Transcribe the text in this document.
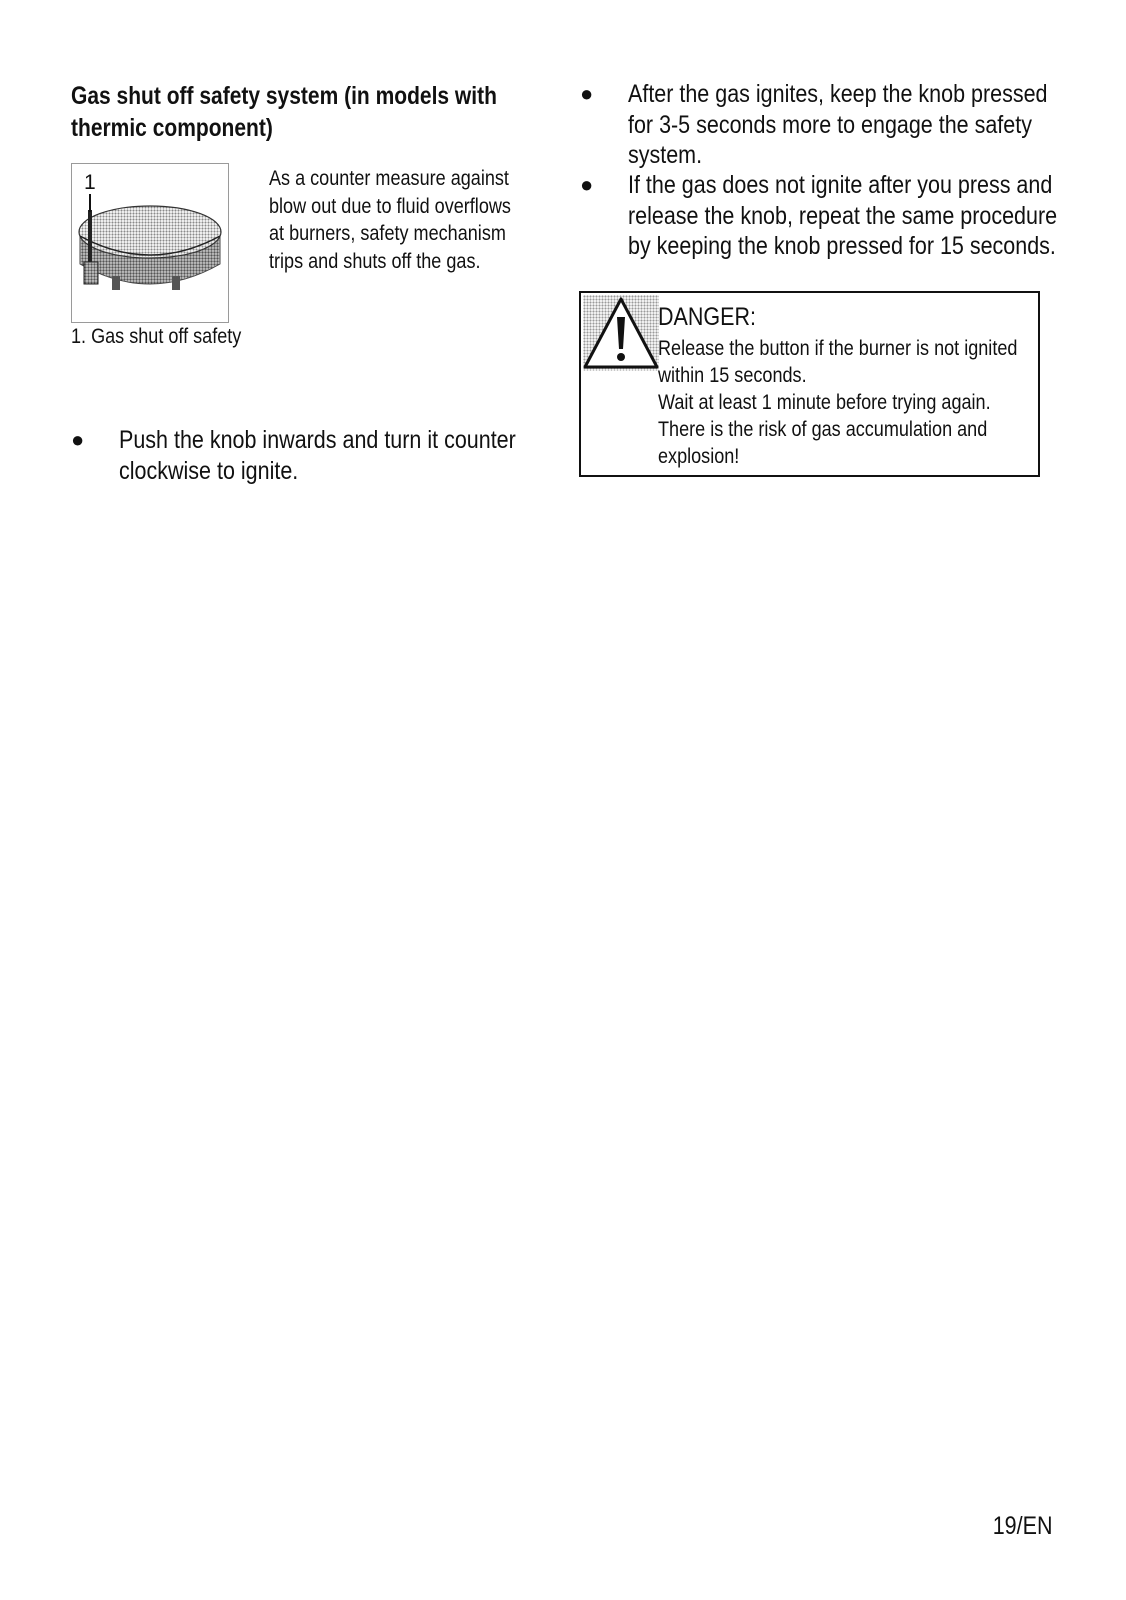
Gas shut off safety system (in models with thermic component)
1
1. Gas shut off safety

As a counter measure against blow out due to fluid overflows at burners, safety mechanism trips and shuts off the gas.

● Push the knob inwards and turn it counter clockwise to ignite.
● After the gas ignites, keep the knob pressed for 3-5 seconds more to engage the safety system.
● If the gas does not ignite after you press and release the knob, repeat the same procedure by keeping the knob pressed for 15 seconds.
DANGER:

Release the button if the burner is not ignited within 15 seconds.
Wait at least 1 minute before trying again.
There is the risk of gas accumulation and explosion!

19/EN
